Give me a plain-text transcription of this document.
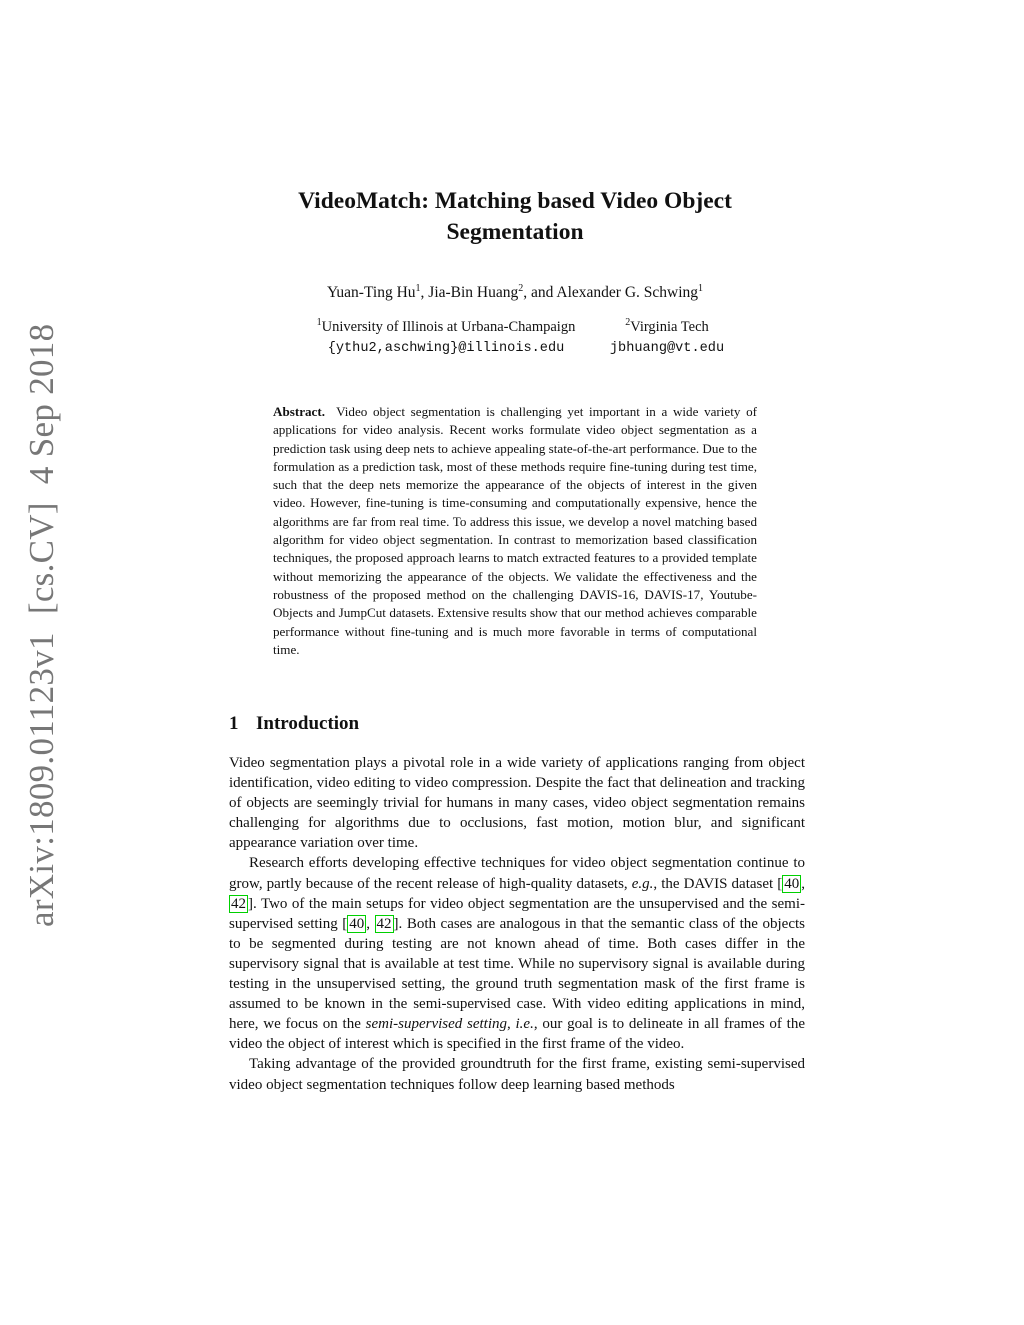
arXiv:1809.01123v1  [cs.CV]  4 Sep 2018
VideoMatch: Matching based Video Object
Segmentation
Yuan-Ting Hu$^1$, Jia-Bin Huang$^2$, and Alexander G. Schwing$^1$
$^1$University of Illinois at Urbana-Champaign
{ythu2,aschwing}@illinois.edu
$^2$Virginia Tech
jbhuang@vt.edu
Abstract. Video object segmentation is challenging yet important in a wide variety of applications for video analysis. Recent works formulate video object segmentation as a prediction task using deep nets to achieve appealing state-of-the-art performance. Due to the formulation as a prediction task, most of these methods require fine-tuning during test time, such that the deep nets memorize the appearance of the objects of interest in the given video. However, fine-tuning is time-consuming and computationally expensive, hence the algorithms are far from real time. To address this issue, we develop a novel matching based algorithm for video object segmentation. In contrast to memorization based classification techniques, the proposed approach learns to match extracted features to a provided template without memorizing the appearance of the objects. We validate the effectiveness and the robustness of the proposed method on the challenging DAVIS-16, DAVIS-17, Youtube-Objects and JumpCut datasets. Extensive results show that our method achieves comparable performance without fine-tuning and is much more favorable in terms of computational time.
1 Introduction

Video segmentation plays a pivotal role in a wide variety of applications ranging from object identification, video editing to video compression. Despite the fact that delineation and tracking of objects are seemingly trivial for humans in many cases, video object segmentation remains challenging for algorithms due to occlusions, fast motion, motion blur, and significant appearance variation over time.

Research efforts developing effective techniques for video object segmentation continue to grow, partly because of the recent release of high-quality datasets, e.g., the DAVIS dataset [ 40 , 42 ]. Two of the main setups for video object segmentation are the unsupervised and the semi-supervised setting [ 40 , 42 ]. Both cases are analogous in that the semantic class of the objects to be segmented during testing are not known ahead of time. Both cases differ in the supervisory signal that is available at test time. While no supervisory signal is available during testing in the unsupervised setting, the ground truth segmentation mask of the first frame is assumed to be known in the semi-supervised case. With video editing applications in mind, here, we focus on the semi-supervised setting, i.e., our goal is to delineate in all frames of the video the object of interest which is specified in the first frame of the video.

Taking advantage of the provided groundtruth for the first frame, existing semi-supervised video object segmentation techniques follow deep learning based methods
